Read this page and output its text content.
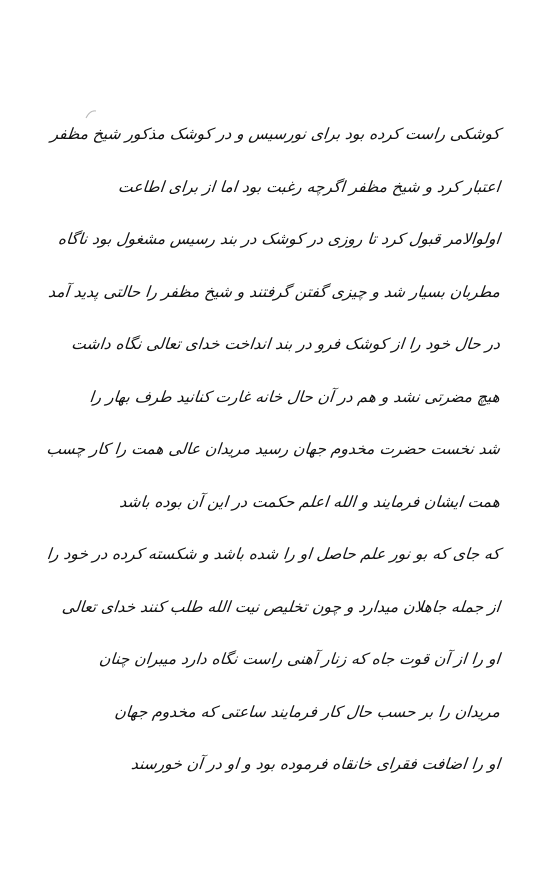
کوشکی راست کرده بود برای نورسیس و در کوشک مذکور شیخ مظفر
اعتبار کرد و شیخ مظفر اگرچه رغبت بود اما از برای اطاعت
اولوالامر قبول کرد تا روزی در کوشک در بند رسیس مشغول بود ناگاه
مطربان بسیار شد و چیزی گفتن گرفتند و شیخ مظفر را حالتی پدید آمد
در حال خود را از کوشک فرو در بند انداخت خدای تعالی نگاه داشت
هیچ مضرتی نشد و هم در آن حال خانه غارت کنانید طرف بهار را
شد نخست حضرت مخدوم جهان رسید مریدان عالی همت را کار چسب
همت ایشان فرمایند و الله اعلم حکمت در این آن بوده باشد
که جای که بو نور علم حاصل او را شده باشد و شکسته کرده در خود را
از جمله جاهلان میدارد و چون تخلیص نیت الله طلب کنند خدای تعالی
او را از آن قوت جاه که زنار آهنی راست نگاه دارد میبران چنان
مریدان را بر حسب حال کار فرمایند ساعتی که مخدوم جهان
او را اضافت فقرای خانقاه فرموده بود و او در آن خورسند
